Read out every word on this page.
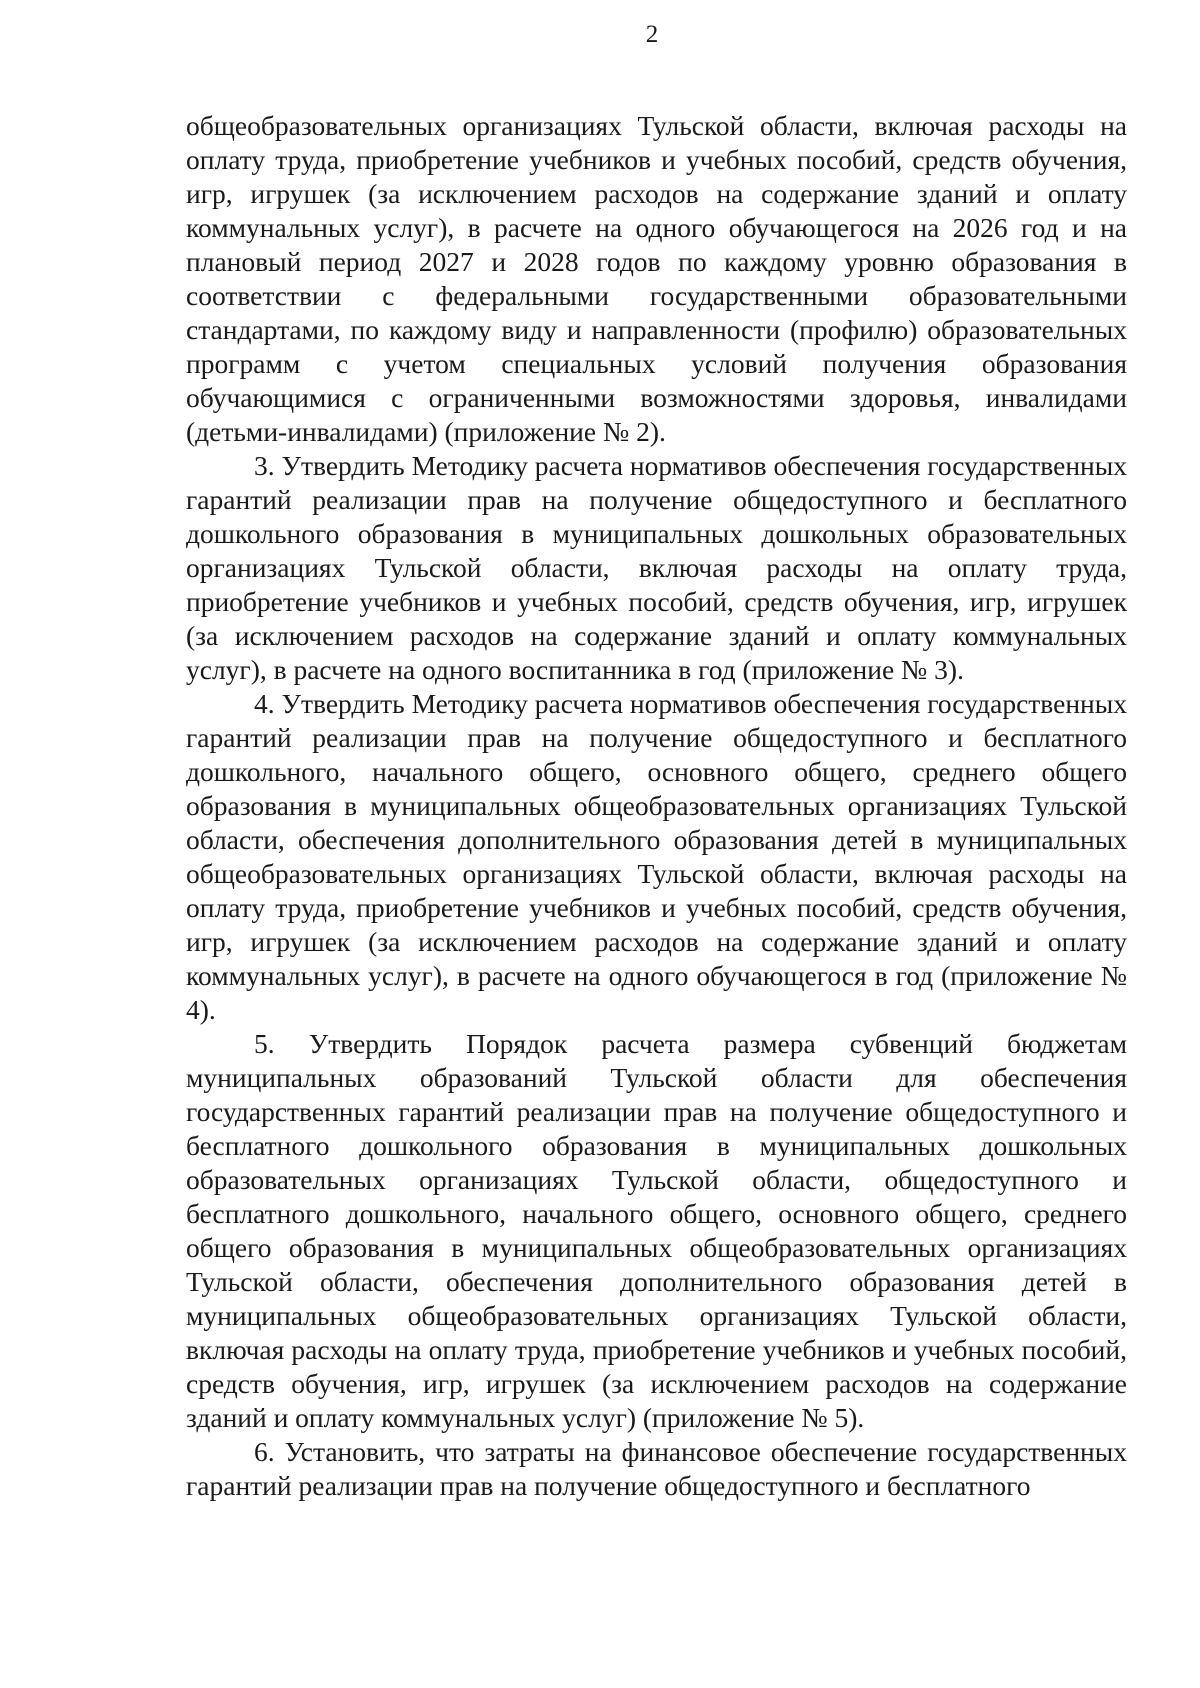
2

общеобразовательных организациях Тульской области, включая расходы на оплату труда, приобретение учебников и учебных пособий, средств обучения, игр, игрушек (за исключением расходов на содержание зданий и оплату коммунальных услуг), в расчете на одного обучающегося на 2026 год и на плановый период 2027 и 2028 годов по каждому уровню образования в соответствии с федеральными государственными образовательными стандартами, по каждому виду и направленности (профилю) образовательных программ с учетом специальных условий получения образования обучающимися с ограниченными возможностями здоровья, инвалидами (детьми-инвалидами) (приложение № 2).

3. Утвердить Методику расчета нормативов обеспечения государственных гарантий реализации прав на получение общедоступного и бесплатного дошкольного образования в муниципальных дошкольных образовательных организациях Тульской области, включая расходы на оплату труда, приобретение учебников и учебных пособий, средств обучения, игр, игрушек (за исключением расходов на содержание зданий и оплату коммунальных услуг), в расчете на одного воспитанника в год (приложение № 3).

4. Утвердить Методику расчета нормативов обеспечения государственных гарантий реализации прав на получение общедоступного и бесплатного дошкольного, начального общего, основного общего, среднего общего образования в муниципальных общеобразовательных организациях Тульской области, обеспечения дополнительного образования детей в муниципальных общеобразовательных организациях Тульской области, включая расходы на оплату труда, приобретение учебников и учебных пособий, средств обучения, игр, игрушек (за исключением расходов на содержание зданий и оплату коммунальных услуг), в расчете на одного обучающегося в год (приложение № 4).

5. Утвердить Порядок расчета размера субвенций бюджетам муниципальных образований Тульской области для обеспечения государственных гарантий реализации прав на получение общедоступного и бесплатного дошкольного образования в муниципальных дошкольных образовательных организациях Тульской области, общедоступного и бесплатного дошкольного, начального общего, основного общего, среднего общего образования в муниципальных общеобразовательных организациях Тульской области, обеспечения дополнительного образования детей в муниципальных общеобразовательных организациях Тульской области, включая расходы на оплату труда, приобретение учебников и учебных пособий, средств обучения, игр, игрушек (за исключением расходов на содержание зданий и оплату коммунальных услуг) (приложение № 5).

6. Установить, что затраты на финансовое обеспечение государственных гарантий реализации прав на получение общедоступного и бесплатного
